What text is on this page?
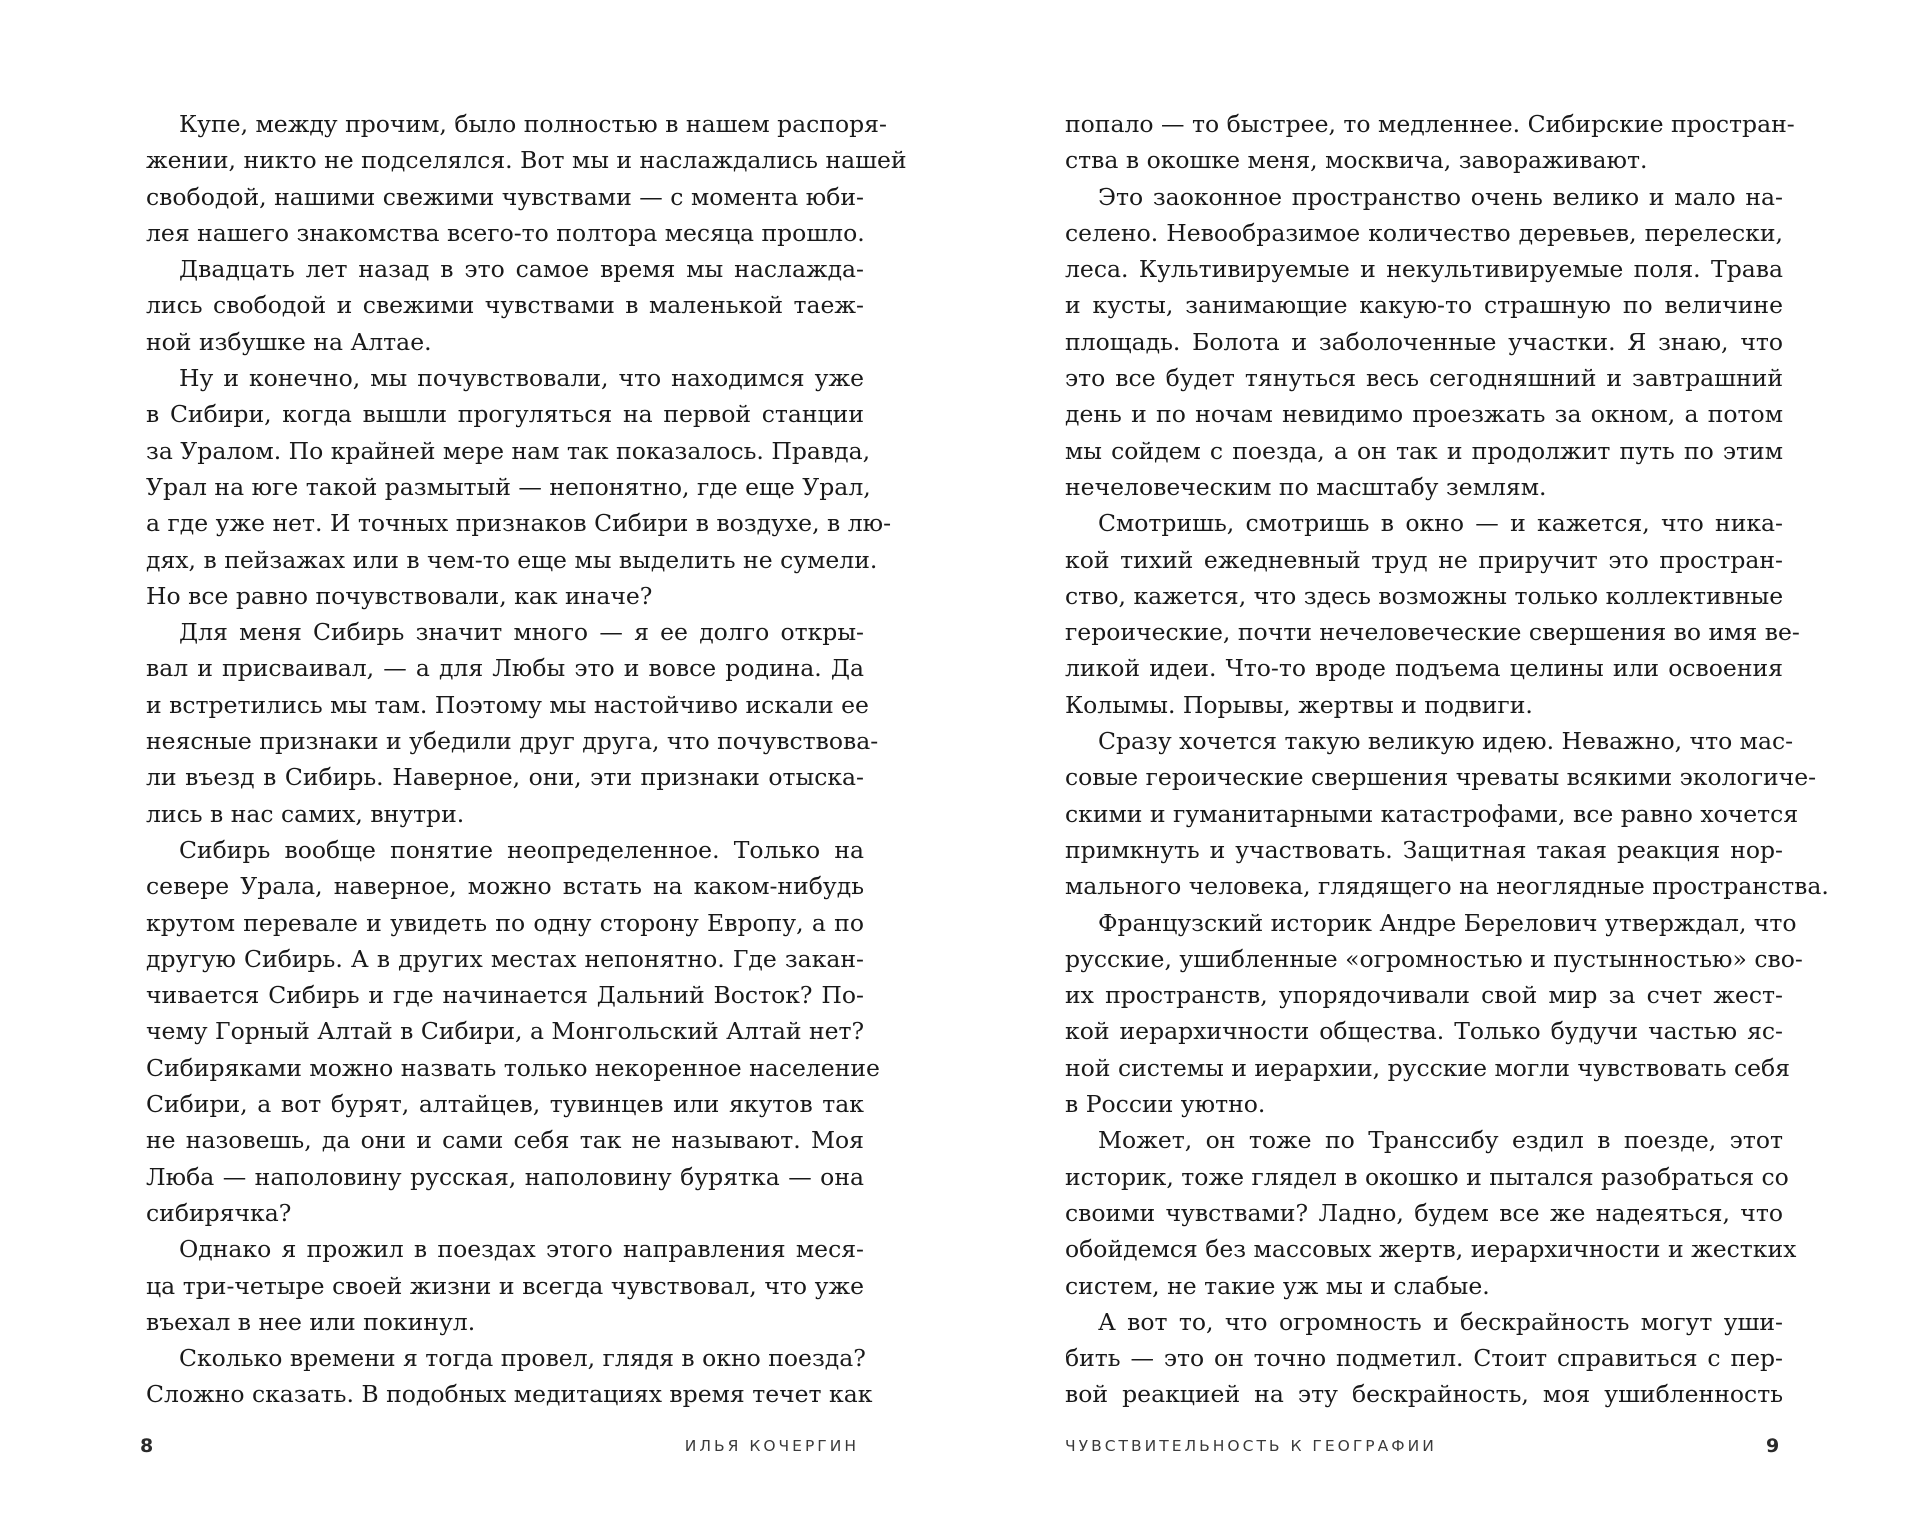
Купе, между прочим, было полностью в нашем распоря-
жении, никто не подселялся. Вот мы и наслаждались нашей
свободой, нашими свежими чувствами — с момента юби-
лея нашего знакомства всего-то полтора месяца прошло.
Двадцать лет назад в это самое время мы наслажда-
лись свободой и свежими чувствами в маленькой таеж-
ной избушке на Алтае.
Ну и конечно, мы почувствовали, что находимся уже
в Сибири, когда вышли прогуляться на первой станции
за Уралом. По крайней мере нам так показалось. Правда,
Урал на юге такой размытый — непонятно, где еще Урал,
а где уже нет. И точных признаков Сибири в воздухе, в лю-
дях, в пейзажах или в чем-то еще мы выделить не сумели.
Но все равно почувствовали, как иначе?
Для меня Сибирь значит много — я ее долго откры-
вал и присваивал, — а для Любы это и вовсе родина. Да
и встретились мы там. Поэтому мы настойчиво искали ее
неясные признаки и убедили друг друга, что почувствова-
ли въезд в Сибирь. Наверное, они, эти признаки отыска-
лись в нас самих, внутри.
Сибирь вообще понятие неопределенное. Только на
севере Урала, наверное, можно встать на каком-нибудь
крутом перевале и увидеть по одну сторону Европу, а по
другую Сибирь. А в других местах непонятно. Где закан-
чивается Сибирь и где начинается Дальний Восток? По-
чему Горный Алтай в Сибири, а Монгольский Алтай нет?
Сибиряками можно назвать только некоренное население
Сибири, а вот бурят, алтайцев, тувинцев или якутов так
не назовешь, да они и сами себя так не называют. Моя
Люба — наполовину русская, наполовину бурятка — она
сибирячка?
Однако я прожил в поездах этого направления меся-
ца три-четыре своей жизни и всегда чувствовал, что уже
въехал в нее или покинул.
Сколько времени я тогда провел, глядя в окно поезда?
Сложно сказать. В подобных медитациях время течет как
8	ИЛЬЯ КОЧЕРГИН
попало — то быстрее, то медленнее. Сибирские простран-
ства в окошке меня, москвича, завораживают.
Это заоконное пространство очень велико и мало на-
селено. Невообразимое количество деревьев, перелески,
леса. Культивируемые и некультивируемые поля. Трава
и кусты, занимающие какую-то страшную по величине
площадь. Болота и заболоченные участки. Я знаю, что
это все будет тянуться весь сегодняшний и завтрашний
день и по ночам невидимо проезжать за окном, а потом
мы сойдем с поезда, а он так и продолжит путь по этим
нечеловеческим по масштабу землям.
Смотришь, смотришь в окно — и кажется, что ника-
кой тихий ежедневный труд не приручит это простран-
ство, кажется, что здесь возможны только коллективные
героические, почти нечеловеческие свершения во имя ве-
ликой идеи. Что-то вроде подъема целины или освоения
Колымы. Порывы, жертвы и подвиги.
Сразу хочется такую великую идею. Неважно, что мас-
совые героические свершения чреваты всякими экологиче-
скими и гуманитарными катастрофами, все равно хочется
примкнуть и участвовать. Защитная такая реакция нор-
мального человека, глядящего на неоглядные пространства.
Французский историк Андре Берелович утверждал, что
русские, ушибленные «огромностью и пустынностью» сво-
их пространств, упорядочивали свой мир за счет жест-
кой иерархичности общества. Только будучи частью яс-
ной системы и иерархии, русские могли чувствовать себя
в России уютно.
Может, он тоже по Транссибу ездил в поезде, этот
историк, тоже глядел в окошко и пытался разобраться со
своими чувствами? Ладно, будем все же надеяться, что
обойдемся без массовых жертв, иерархичности и жестких
систем, не такие уж мы и слабые.
А вот то, что огромность и бескрайность могут уши-
бить — это он точно подметил. Стоит справиться с пер-
вой реакцией на эту бескрайность, моя ушибленность
ЧУВСТВИТЕЛЬНОСТЬ К ГЕОГРАФИИ	9
